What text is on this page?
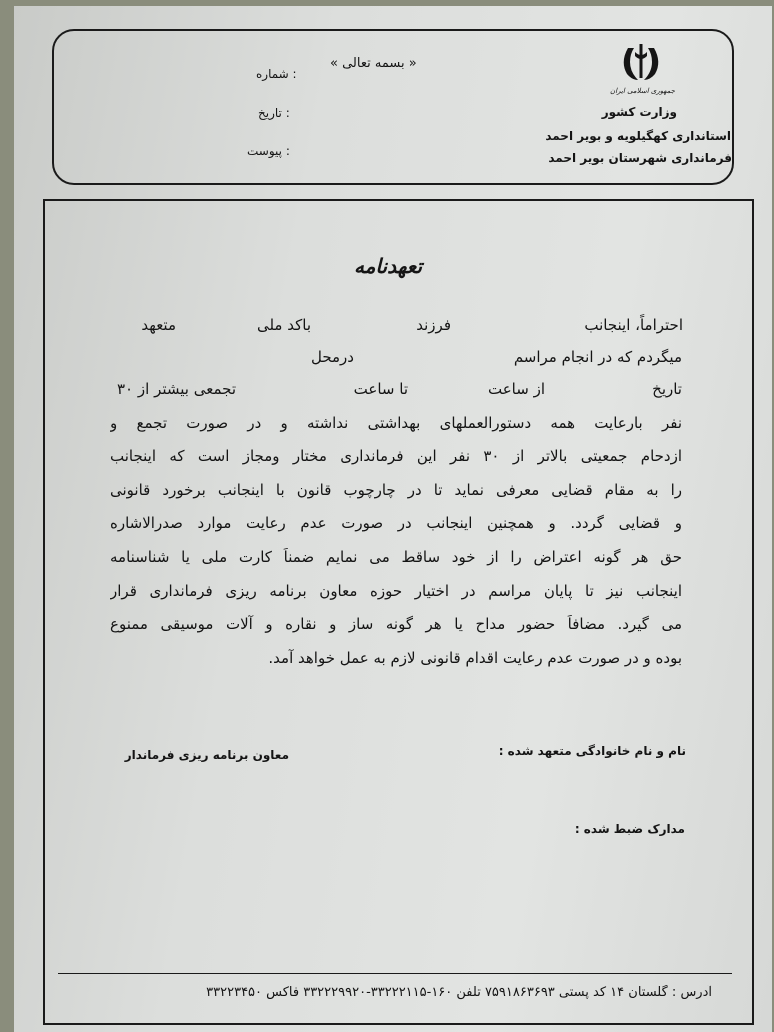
« بسمه تعالی »
شماره :
تاریخ :
پیوست :
جمهوری اسلامی ایران
وزارت کشور
استانداری کهگیلویه و بویر احمد
فرمانداری شهرستان بویر احمد
تعهدنامه
احتراماً، اینجانب
فرزند
باکد ملی
متعهد
میگردم که در انجام مراسم
درمحل
تاریخ
از ساعت
تا ساعت
تجمعی بیشتر از ۳۰
نفر بارعایت همه دستورالعملهای بهداشتی نداشته و در صورت تجمع و
ازدحام جمعیتی بالاتر از ۳۰ نفر این فرمانداری مختار ومجاز است که اینجانب
را به مقام قضایی معرفی نماید تا در چارچوب قانون با اینجانب برخورد قانونی
و قضایی گردد. و همچنین اینجانب در صورت عدم رعایت موارد صدرالاشاره
حق هر گونه اعتراض را از خود ساقط می نمایم ضمناً کارت ملی یا شناسنامه
اینجانب نیز تا پایان مراسم در اختیار حوزه معاون برنامه ریزی فرمانداری قرار
می گیرد. مضافاً حضور مداح یا هر گونه ساز و نقاره و آلات موسیقی ممنوع
بوده و در صورت عدم رعایت اقدام قانونی لازم به عمل خواهد آمد.
نام و نام خانوادگی متعهد شده :
معاون برنامه ریزی فرماندار
مدارک ضبط شده :
آدرس : گلستان ۱۴ کد پستی ۷۵۹۱۸۶۳۶۹۳ تلفن ۱۶۰-۳۳۲۲۲۱۱۵-۳۳۲۲۲۹۹۲۰ فاکس ۳۳۲۲۳۴۵۰
